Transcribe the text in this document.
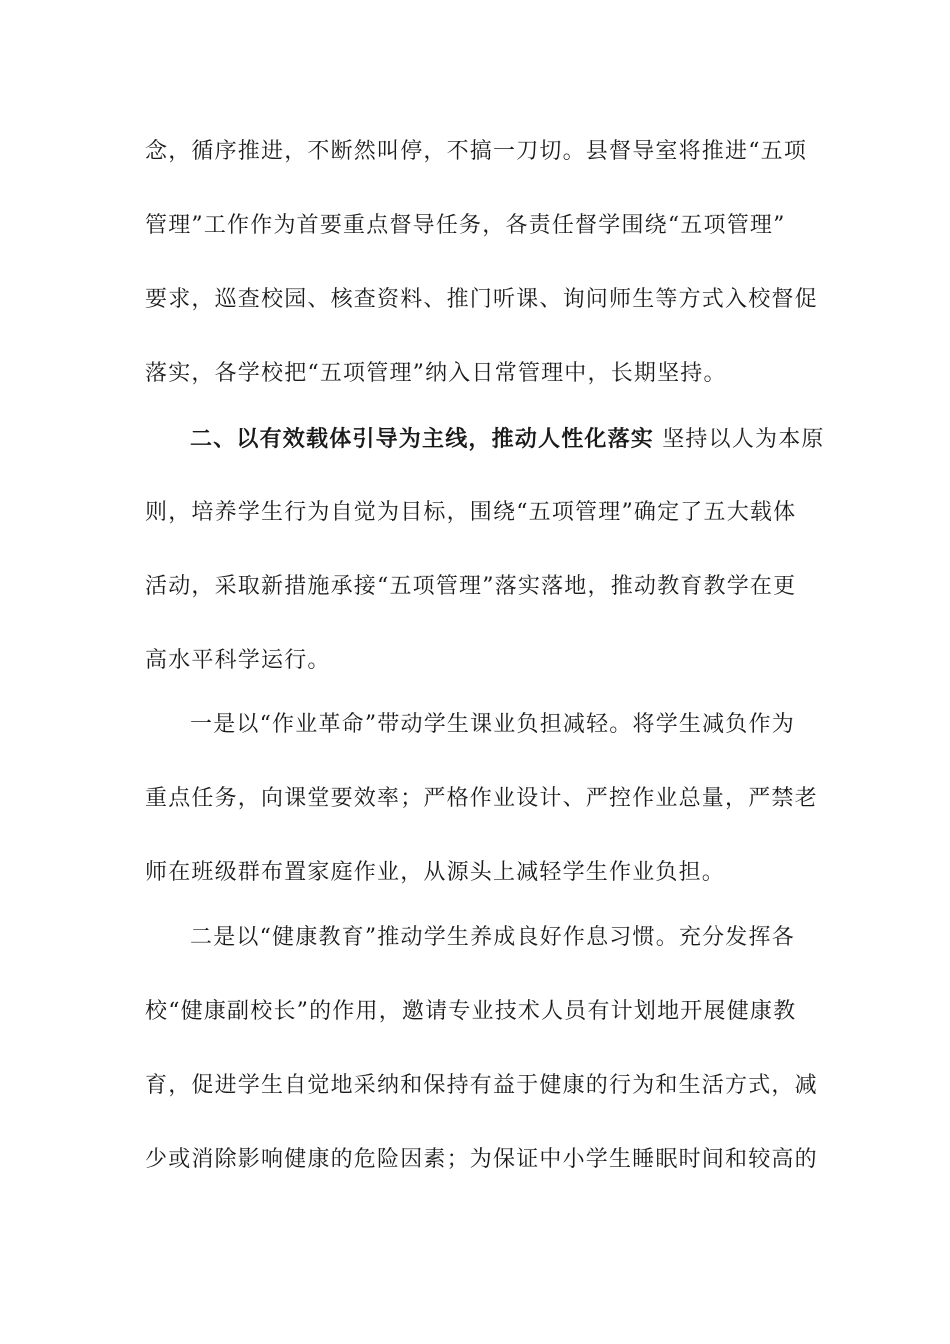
念，循序推进，不断然叫停，不搞一刀切。县督导室将推进“五项
管理”工作作为首要重点督导任务，各责任督学围绕“五项管理”
要求，巡查校园、核查资料、推门听课、询问师生等方式入校督促
落实，各学校把“五项管理”纳入日常管理中，长期坚持。
二、以有效载体引导为主线，推动人性化落实 坚持以人为本原
则，培养学生行为自觉为目标，围绕“五项管理”确定了五大载体
活动，采取新措施承接“五项管理”落实落地，推动教育教学在更
高水平科学运行。
一是以“作业革命”带动学生课业负担减轻。将学生减负作为
重点任务，向课堂要效率；严格作业设计、严控作业总量，严禁老
师在班级群布置家庭作业，从源头上减轻学生作业负担。
二是以“健康教育”推动学生养成良好作息习惯。充分发挥各
校“健康副校长”的作用，邀请专业技术人员有计划地开展健康教
育，促进学生自觉地采纳和保持有益于健康的行为和生活方式，减
少或消除影响健康的危险因素；为保证中小学生睡眠时间和较高的
